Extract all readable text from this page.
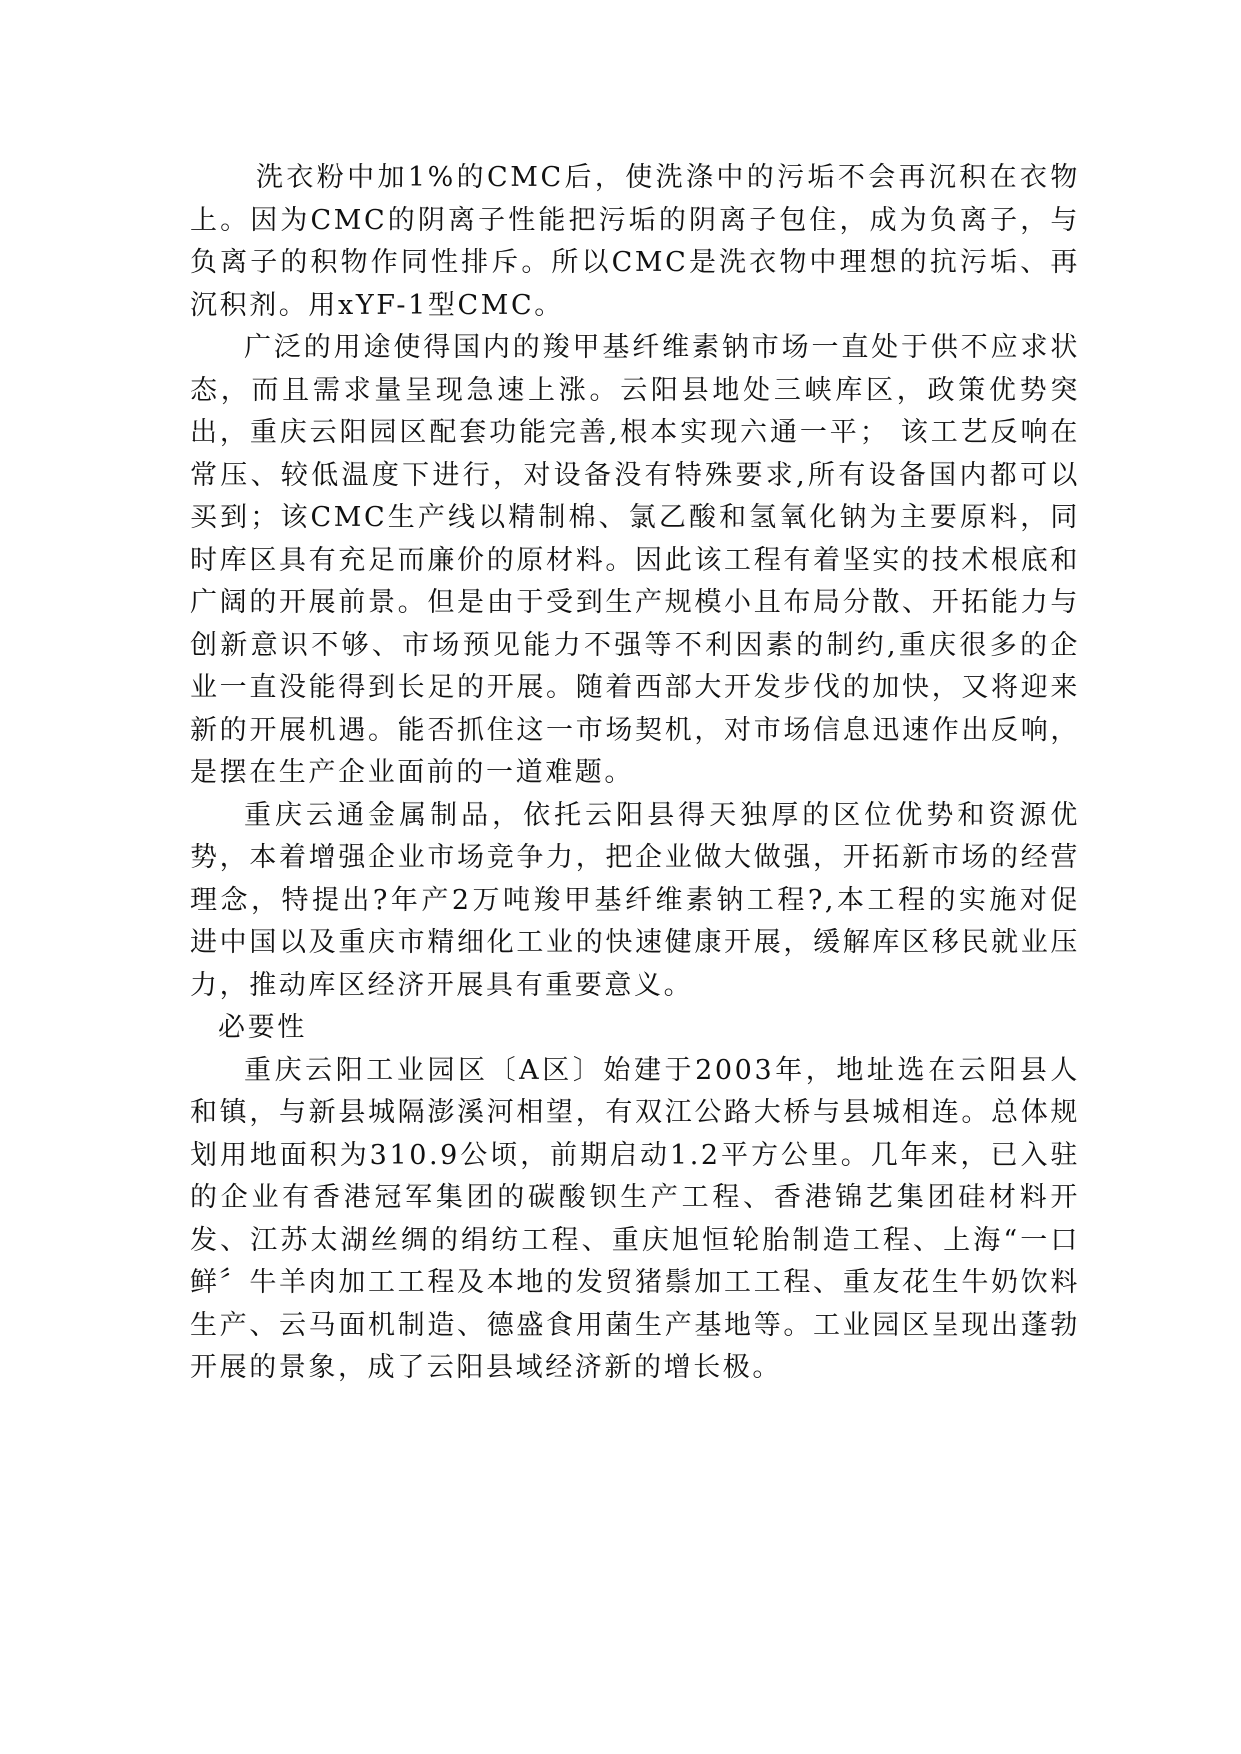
洗衣粉中加1%的CMC后，使洗涤中的污垢不会再沉积在衣物上。因为CMC的阴离子性能把污垢的阴离子包住，成为负离子，与负离子的积物作同性排斥。所以CMC是洗衣物中理想的抗污垢、再沉积剂。用xYF-1型CMC。

广泛的用途使得国内的羧甲基纤维素钠市场一直处于供不应求状态，而且需求量呈现急速上涨。云阳县地处三峡库区，政策优势突出，重庆云阳园区配套功能完善,根本实现六通一平； 该工艺反响在常压、较低温度下进行，对设备没有特殊要求,所有设备国内都可以买到；该CMC生产线以精制棉、氯乙酸和氢氧化钠为主要原料，同时库区具有充足而廉价的原材料。因此该工程有着坚实的技术根底和广阔的开展前景。但是由于受到生产规模小且布局分散、开拓能力与创新意识不够、市场预见能力不强等不利因素的制约,重庆很多的企业一直没能得到长足的开展。随着西部大开发步伐的加快，又将迎来新的开展机遇。能否抓住这一市场契机，对市场信息迅速作出反响，是摆在生产企业面前的一道难题。

重庆云通金属制品，依托云阳县得天独厚的区位优势和资源优势，本着增强企业市场竞争力，把企业做大做强，开拓新市场的经营理念，特提出?年产2万吨羧甲基纤维素钠工程?,本工程的实施对促进中国以及重庆市精细化工业的快速健康开展，缓解库区移民就业压力，推动库区经济开展具有重要意义。

必要性

重庆云阳工业园区〔A区〕始建于2003年，地址选在云阳县人和镇，与新县城隔澎溪河相望，有双江公路大桥与县城相连。总体规划用地面积为310.9公顷，前期启动1.2平方公里。几年来，已入驻的企业有香港冠军集团的碳酸钡生产工程、香港锦艺集团硅材料开发、江苏太湖丝绸的绢纺工程、重庆旭恒轮胎制造工程、上海“一口鲜〞牛羊肉加工工程及本地的发贸猪鬃加工工程、重友花生牛奶饮料生产、云马面机制造、德盛食用菌生产基地等。工业园区呈现出蓬勃开展的景象，成了云阳县域经济新的增长极。
